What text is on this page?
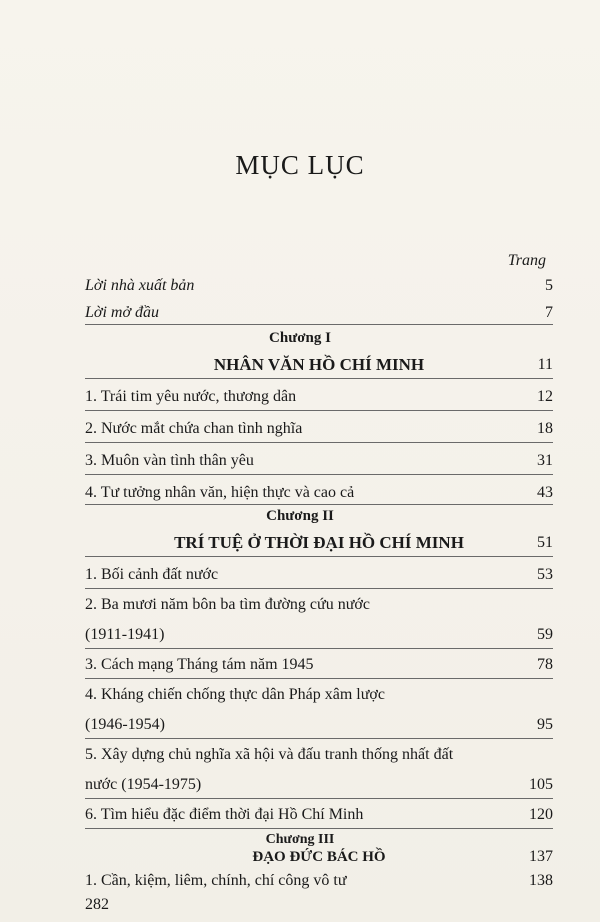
MỤC LỤC
Trang
Lời nhà xuất bản	5
Lời mở đầu	7
Chương I
NHÂN VĂN HỒ CHÍ MINH	11
1. Trái tim yêu nước, thương dân	12
2. Nước mắt chứa chan tình nghĩa	18
3. Muôn vàn tình thân yêu	31
4. Tư tưởng nhân văn, hiện thực và cao cả	43
Chương II
TRÍ TUỆ Ở THỜI ĐẠI HỒ CHÍ MINH	51
1. Bối cảnh đất nước	53
2. Ba mươi năm bôn ba tìm đường cứu nước
(1911-1941)	59
3. Cách mạng Tháng tám năm 1945	78
4. Kháng chiến chống thực dân Pháp xâm lược
(1946-1954)	95
5. Xây dựng chủ nghĩa xã hội và đấu tranh thống nhất đất
nước (1954-1975)	105
6. Tìm hiểu đặc điểm thời đại Hồ Chí Minh	120
Chương III
ĐẠO ĐỨC BÁC HỒ	137
1. Cần, kiệm, liêm, chính, chí công vô tư	138
282
